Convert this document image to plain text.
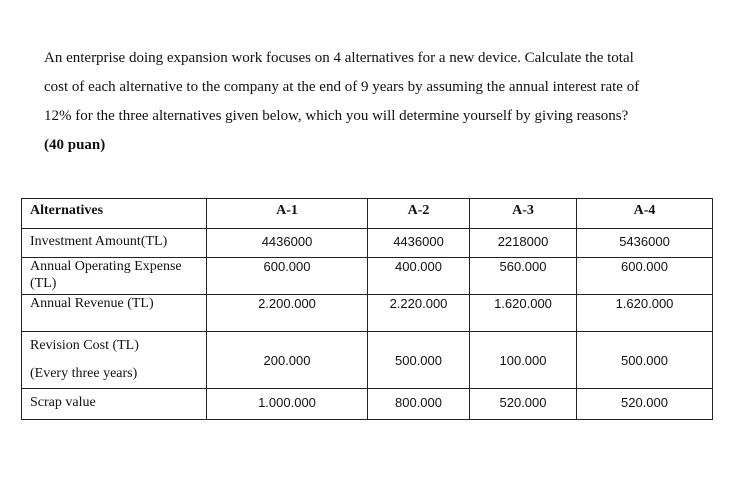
An enterprise doing expansion work focuses on 4 alternatives for a new device. Calculate the total

cost of each alternative to the company at the end of 9 years by assuming the annual interest rate of

12% for the three alternatives given below, which you will determine yourself by giving reasons?

(40 puan)

Alternatives	A-1	A-2	A-3	A-4
Investment Amount(TL)	4436000	4436000	2218000	5436000
Annual Operating Expense (TL)	600.000	400.000	560.000	600.000
Annual Revenue (TL)	2.200.000	2.220.000	1.620.000	1.620.000

Revision Cost (TL)
(Every three years)	200.000	500.000	100.000	500.000
Scrap value	1.000.000	800.000	520.000	520.000
